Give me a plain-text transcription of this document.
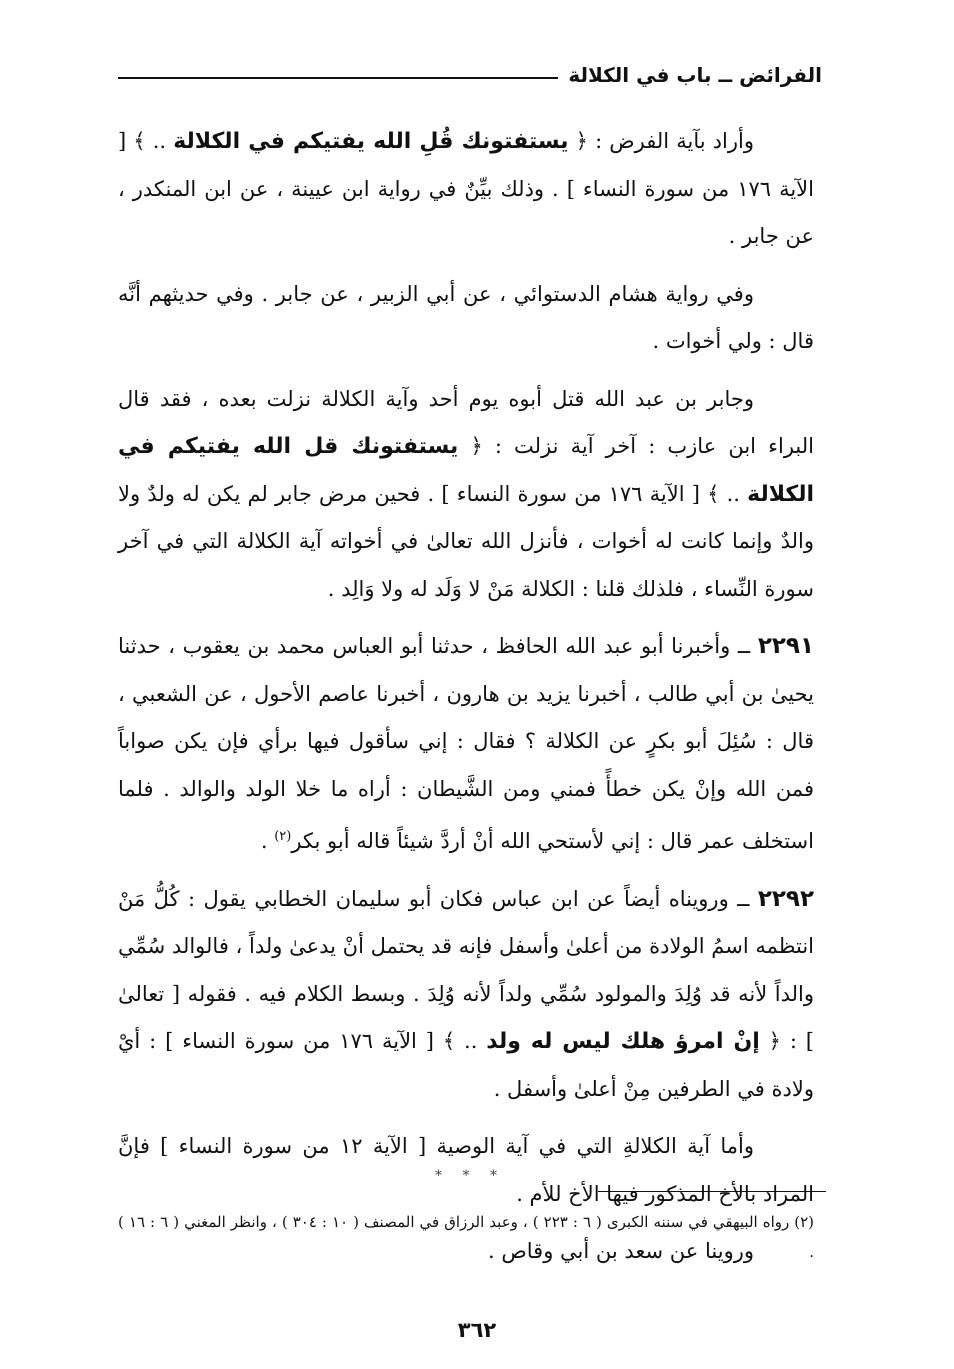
الفرائض ــ باب في الكلالة
وأراد بآية الفرض : ﴿ يستفتونك قُلِ الله يفتيكم في الكلالة .. ﴾ [ الآية ١٧٦ من سورة النساء ] . وذلك بيِّنٌ في رواية ابن عيينة ، عن ابن المنكدر ، عن جابر .
وفي رواية هشام الدستوائي ، عن أبي الزبير ، عن جابر . وفي حديثهم أنَّه قال : ولي أخوات .
وجابر بن عبد الله قتل أبوه يوم أحد وآية الكلالة نزلت بعده ، فقد قال البراء ابن عازب : آخر آية نزلت : ﴿ يستفتونك قل الله يفتيكم في الكلالة .. ﴾ [ الآية ١٧٦ من سورة النساء ] . فحين مرض جابر لم يكن له ولدٌ ولا والدٌ وإنما كانت له أخوات ، فأنزل الله تعالىٰ في أخواته آية الكلالة التي في آخر سورة النِّساء ، فلذلك قلنا : الكلالة مَنْ لا وَلَد له ولا وَالِد .
٢٢٩١ ــ وأخبرنا أبو عبد الله الحافظ ، حدثنا أبو العباس محمد بن يعقوب ، حدثنا يحيىٰ بن أبي طالب ، أخبرنا يزيد بن هارون ، أخبرنا عاصم الأحول ، عن الشعبي ، قال : سُئِلَ أبو بكرٍ عن الكلالة ؟ فقال : إني سأقول فيها برأي فإن يكن صواباً فمن الله وإنْ يكن خطأً فمني ومن الشَّيطان : أراه ما خلا الولد والوالد . فلما استخلف عمر قال : إني لأستحي الله أنْ أردَّ شيئاً قاله أبو بكر$^{(٢)}$ .
٢٢٩٢ ــ ورويناه أيضاً عن ابن عباس فكان أبو سليمان الخطابي يقول : كُلُّ مَنْ انتظمه اسمُ الولادة من أعلىٰ وأسفل فإنه قد يحتمل أنْ يدعىٰ ولداً ، فالوالد سُمِّي والداً لأنه قد وُلِدَ والمولود سُمِّي ولداً لأنه وُلِدَ . وبسط الكلام فيه . فقوله [ تعالىٰ ] : ﴿ إنْ امرؤ هلك ليس له ولد .. ﴾ [ الآية ١٧٦ من سورة النساء ] : أيْ ولادة في الطرفين مِنْ أعلىٰ وأسفل .
وأما آية الكلالةِ التي في آية الوصية [ الآية ١٢ من سورة النساء ] فإنَّ المراد بالأخ المذكور فيها الأخ للأم .
وروينا عن سعد بن أبي وقاص .
* * *
(٢) رواه البيهقي في سننه الكبرى ( ٦ : ٢٢٣ ) ، وعبد الرزاق في المصنف ( ١٠ : ٣٠٤ ) ، وانظر المغني ( ٦ : ١٦ ) .
٣٦٢
